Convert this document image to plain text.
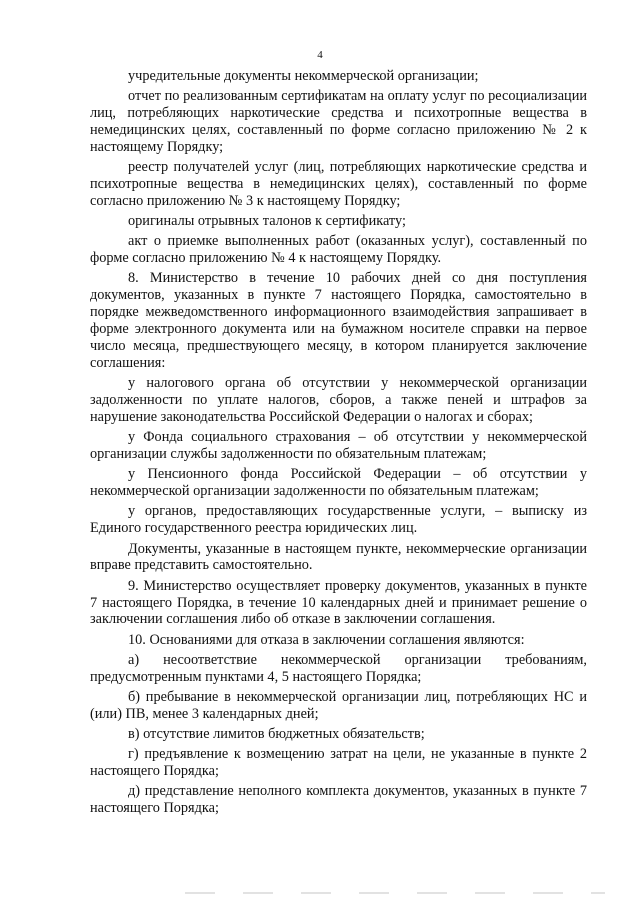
4

учредительные документы некоммерческой организации;

отчет по реализованным сертификатам на оплату услуг по ресоциализации лиц, потребляющих наркотические средства и психотропные вещества в немедицинских целях, составленный по форме согласно приложению № 2 к настоящему Порядку;

реестр получателей услуг (лиц, потребляющих наркотические средства и психотропные вещества в немедицинских целях), составленный по форме согласно приложению № 3 к настоящему Порядку;

оригиналы отрывных талонов к сертификату;

акт о приемке выполненных работ (оказанных услуг), составленный по форме согласно приложению № 4 к настоящему Порядку.

8. Министерство в течение 10 рабочих дней со дня поступления документов, указанных в пункте 7 настоящего Порядка, самостоятельно в порядке межведомственного информационного взаимодействия запрашивает в форме электронного документа или на бумажном носителе справки на первое число месяца, предшествующего месяцу, в котором планируется заключение соглашения:

у налогового органа об отсутствии у некоммерческой организации задолженности по уплате налогов, сборов, а также пеней и штрафов за нарушение законодательства Российской Федерации о налогах и сборах;

у Фонда социального страхования – об отсутствии у некоммерческой организации службы задолженности по обязательным платежам;

у Пенсионного фонда Российской Федерации – об отсутствии у некоммерческой организации задолженности по обязательным платежам;

у органов, предоставляющих государственные услуги, – выписку из Единого государственного реестра юридических лиц.

Документы, указанные в настоящем пункте, некоммерческие организации вправе представить самостоятельно.

9. Министерство осуществляет проверку документов, указанных в пункте 7 настоящего Порядка, в течение 10 календарных дней и принимает решение о заключении соглашения либо об отказе в заключении соглашения.

10. Основаниями для отказа в заключении соглашения являются:

а) несоответствие некоммерческой организации требованиям, предусмотренным пунктами 4, 5 настоящего Порядка;

б) пребывание в некоммерческой организации лиц, потребляющих НС и (или) ПВ, менее 3 календарных дней;

в) отсутствие лимитов бюджетных обязательств;

г) предъявление к возмещению затрат на цели, не указанные в пункте 2 настоящего Порядка;

д) представление неполного комплекта документов, указанных в пункте 7 настоящего Порядка;
